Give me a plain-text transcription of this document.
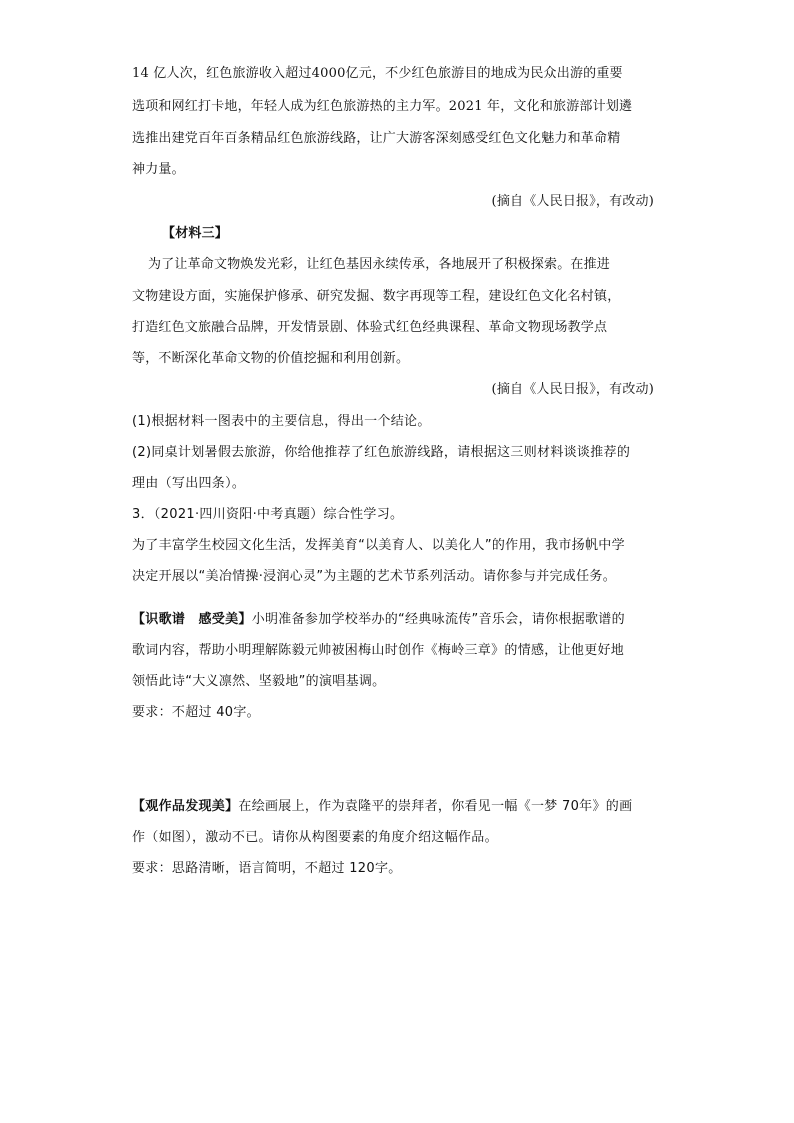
14 亿人次，红色旅游收入超过4000亿元，不少红色旅游目的地成为民众出游的重要
选项和网红打卡地，年轻人成为红色旅游热的主力军。2021 年，文化和旅游部计划遴
选推出建党百年百条精品红色旅游线路，让广大游客深刻感受红色文化魅力和革命精
神力量。
(摘自《人民日报》，有改动)
【材料三】
为了让革命文物焕发光彩，让红色基因永续传承，各地展开了积极探索。在推进
文物建设方面，实施保护修承、研究发掘、数字再现等工程，建设红色文化名村镇，
打造红色文旅融合品牌，开发情景剧、体验式红色经典课程、革命文物现场教学点
等，不断深化革命文物的价值挖掘和利用创新。
(摘自《人民日报》，有改动)
(1)根据材料一图表中的主要信息，得出一个结论。
(2)同桌计划暑假去旅游，你给他推荐了红色旅游线路，请根据这三则材料谈谈推荐的
理由（写出四条）。
3．（2021·四川资阳·中考真题）综合性学习。
为了丰富学生校园文化生活，发挥美育“以美育人、以美化人”的作用，我市扬帆中学
决定开展以“美冶情操·浸润心灵”为主题的艺术节系列活动。请你参与并完成任务。
【识歌谱　感受美】小明准备参加学校举办的“经典咏流传”音乐会，请你根据歌谱的
歌词内容，帮助小明理解陈毅元帅被困梅山时创作《梅岭三章》的情感，让他更好地
领悟此诗“大义凛然、坚毅地”的演唱基调。
要求：不超过 40字。
【观作品发现美】在绘画展上，作为袁隆平的崇拜者，你看见一幅《一梦 70年》的画
作（如图），激动不已。请你从构图要素的角度介绍这幅作品。
要求：思路清晰，语言简明，不超过 120字。
